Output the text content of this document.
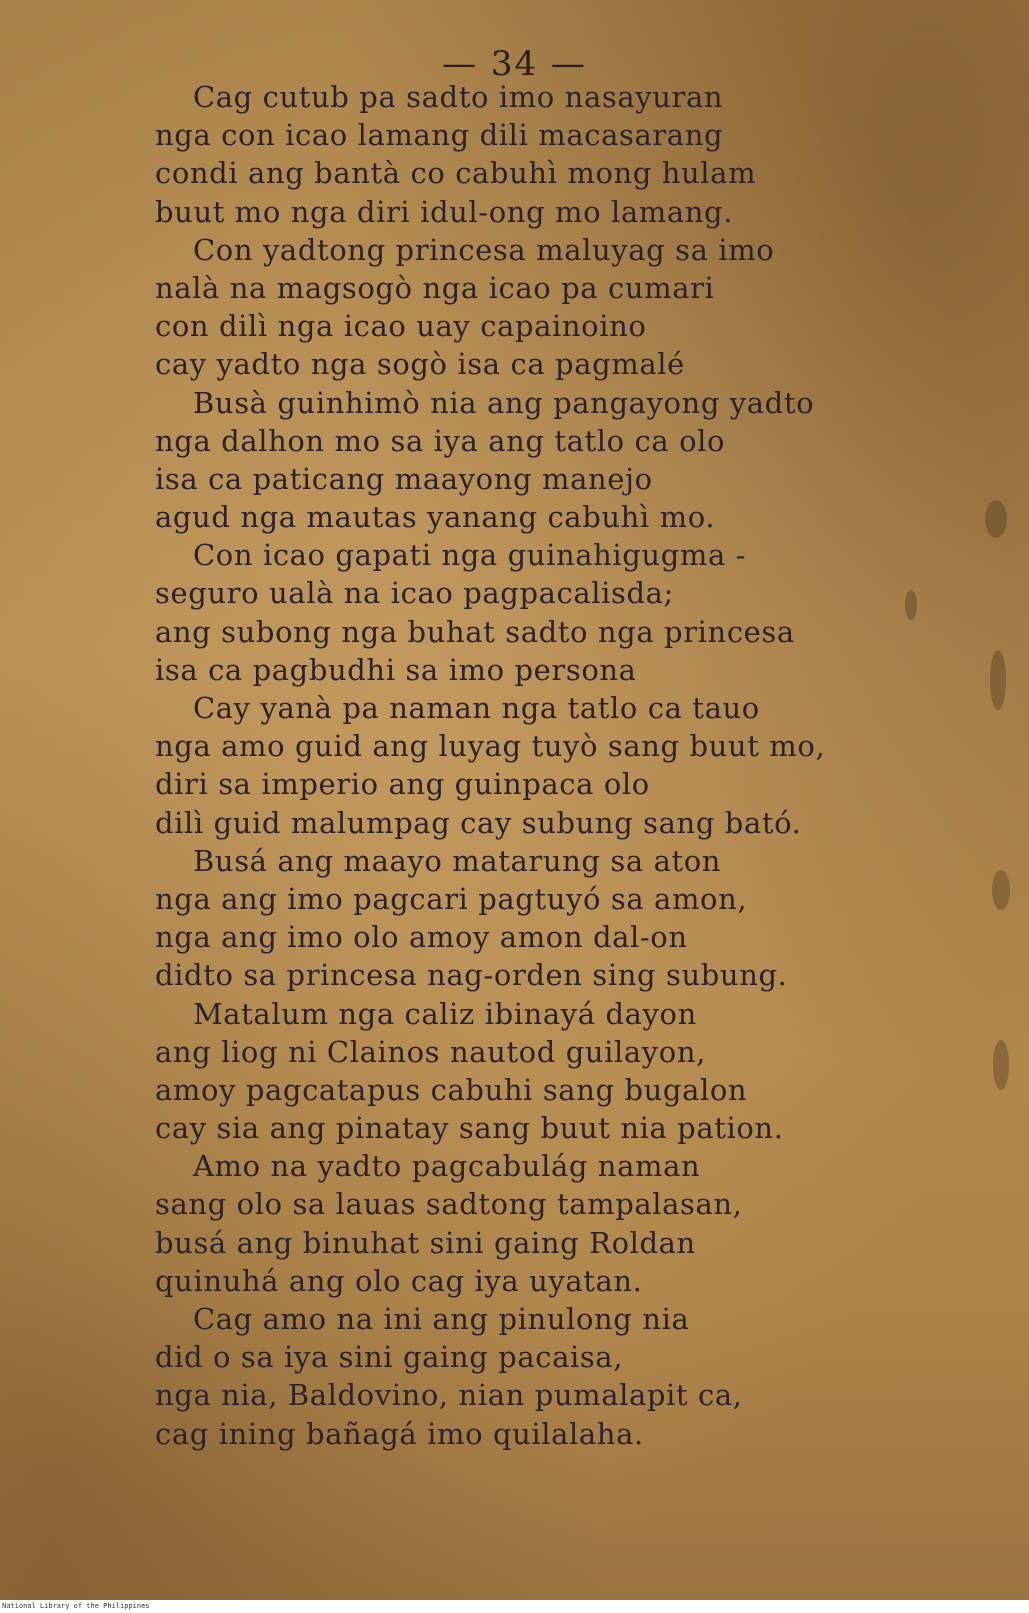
— 34 —
Cag cutub pa sadto imo nasayuran
nga con icao lamang dili macasarang
condi ang bantà co cabuhì mong hulam
buut mo nga diri idul-ong mo lamang.
Con yadtong princesa maluyag sa imo
nalà na magsogò nga icao pa cumari
con dilì nga icao uay capainoino
cay yadto nga sogò isa ca pagmalé
Busà guinhimò nia ang pangayong yadto
nga dalhon mo sa iya ang tatlo ca olo
isa ca paticang maayong manejo
agud nga mautas yanang cabuhì mo.
Con icao gapati nga guinahigugma -
seguro ualà na icao pagpacalisda;
ang subong nga buhat sadto nga princesa
isa ca pagbudhi sa imo persona
Cay yanà pa naman nga tatlo ca tauo
nga amo guid ang luyag tuyò sang buut mo,
diri sa imperio ang guinpaca olo
dilì guid malumpag cay subung sang bató.
Busá ang maayo matarung sa aton
nga ang imo pagcari pagtuyó sa amon,
nga ang imo olo amoy amon dal-on
didto sa princesa nag-orden sing subung.
Matalum nga caliz ibinayá dayon
ang liog ni Clainos nautod guilayon,
amoy pagcatapus cabuhi sang bugalon
cay sia ang pinatay sang buut nia pation.
Amo na yadto pagcabulág naman
sang olo sa lauas sadtong tampalasan,
busá ang binuhat sini gaing Roldan
quinuhá ang olo cag iya uyatan.
Cag amo na ini ang pinulong nia
did o sa iya sini gaing pacaisa,
nga nia, Baldovino, nian pumalapit ca,
cag ining bañagá imo quilalaha.
National Library of the Philippines
